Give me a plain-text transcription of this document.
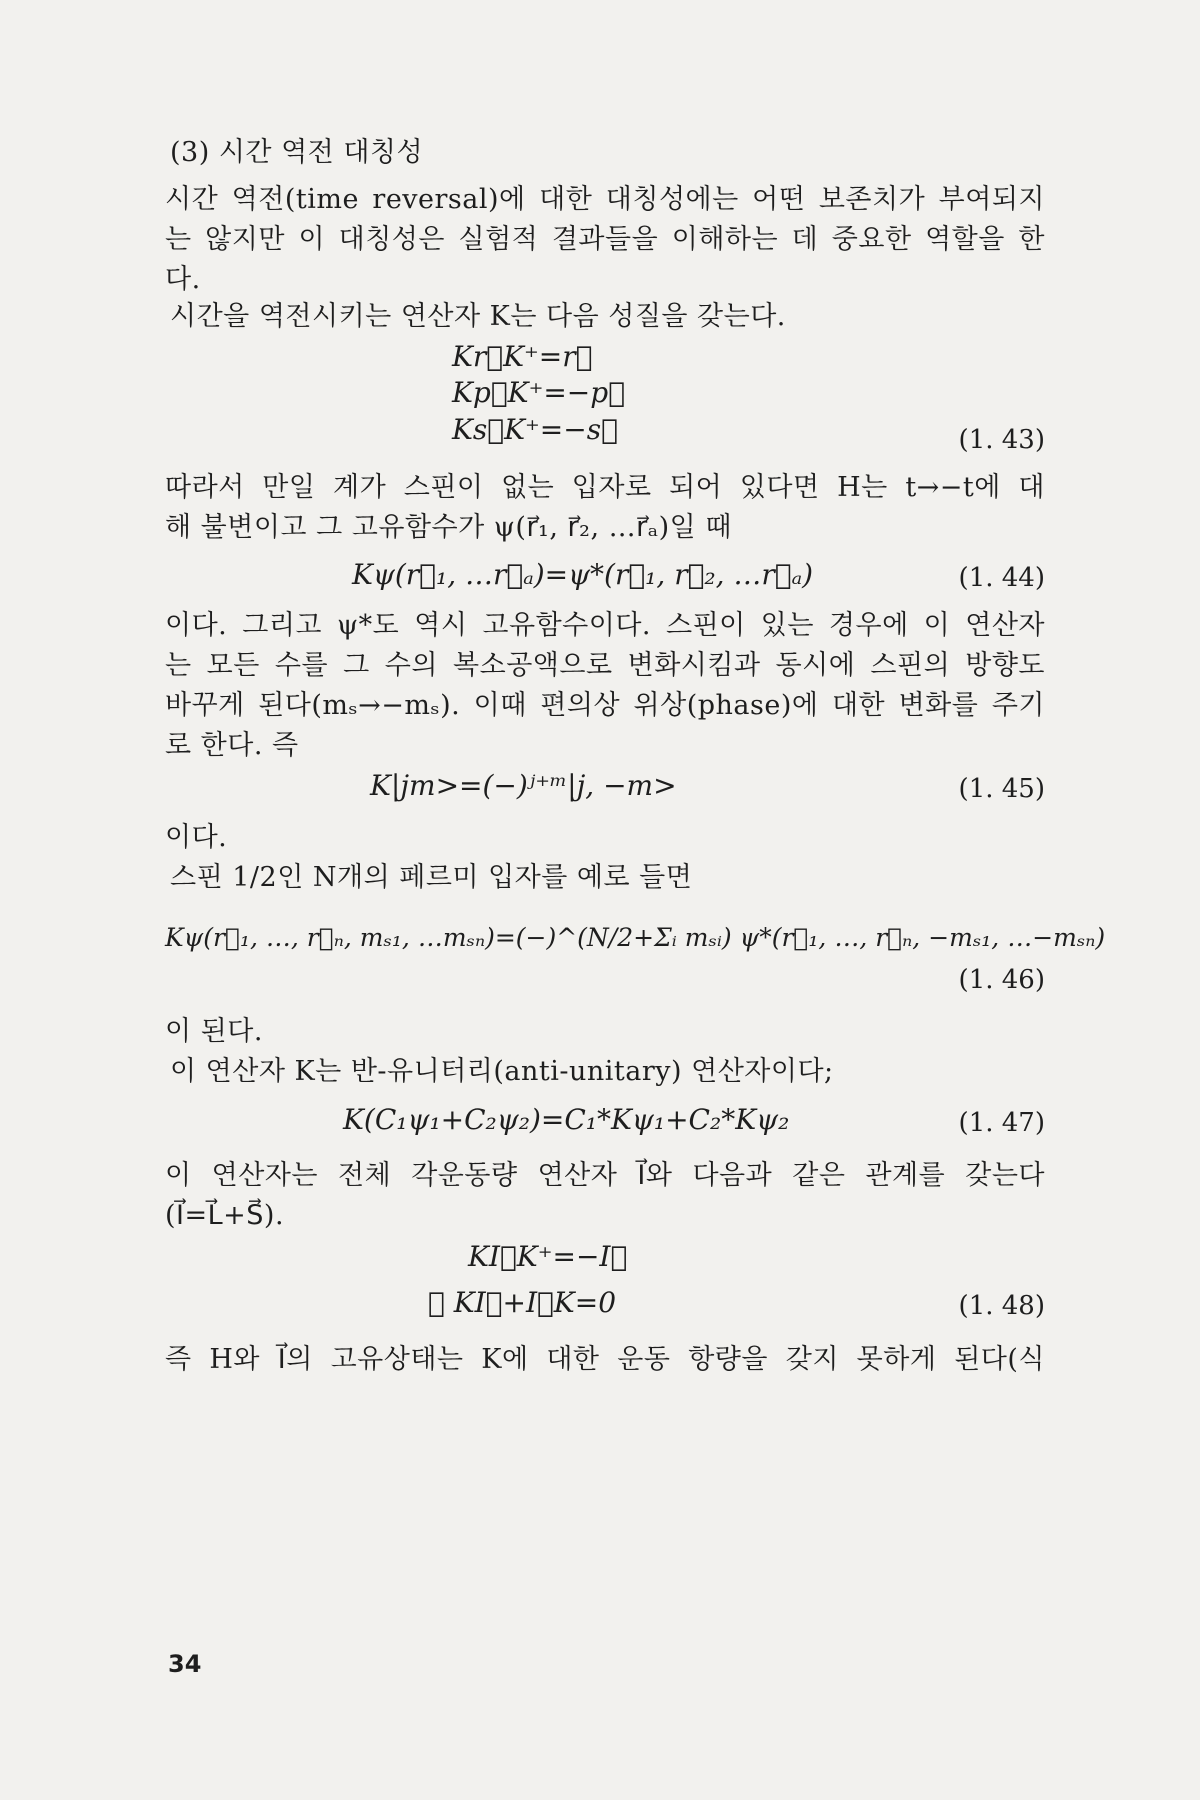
(3) 시간 역전 대칭성
시간 역전(time reversal)에 대한 대칭성에는 어떤 보존치가 부여되지
는 않지만 이 대칭성은 실험적 결과들을 이해하는 데 중요한 역할을 한
다.
시간을 역전시키는 연산자 K는 다음 성질을 갖는다.
Kr⃗K⁺=r⃗
Kp⃗K⁺=−p⃗
Ks⃗K⁺=−s⃗	(1. 43)
따라서 만일 계가 스핀이 없는 입자로 되어 있다면 H는 t→−t에 대
해 불변이고 그 고유함수가 ψ(r⃗₁, r⃗₂, …r⃗ₐ)일 때
Kψ(r⃗₁, …r⃗ₐ)=ψ*(r⃗₁, r⃗₂, …r⃗ₐ)	(1. 44)
이다. 그리고 ψ*도 역시 고유함수이다. 스핀이 있는 경우에 이 연산자
는 모든 수를 그 수의 복소공액으로 변화시킴과 동시에 스핀의 방향도
바꾸게 된다(mₛ→−mₛ). 이때 편의상 위상(phase)에 대한 변화를 주기
로 한다. 즉
K|jm>=(−)ʲ⁺ᵐ|j, −m>	(1. 45)
이다.
스핀 1/2인 N개의 페르미 입자를 예로 들면
Kψ(r⃗₁, …, r⃗ₙ, mₛ₁, …mₛₙ)=(−)^(N/2+Σᵢ mₛᵢ) ψ*(r⃗₁, …, r⃗ₙ, −mₛ₁, …−mₛₙ)
(1. 46)
이 된다.
이 연산자 K는 반-유니터리(anti-unitary) 연산자이다;
K(C₁ψ₁+C₂ψ₂)=C₁*Kψ₁+C₂*Kψ₂	(1. 47)
이 연산자는 전체 각운동량 연산자 I⃗와 다음과 같은 관계를 갖는다
(I⃗=L⃗+S⃗).
KI⃗K⁺=−I⃗
∴ KI⃗+I⃗K=0	(1. 48)
즉 H와 I⃗의 고유상태는 K에 대한 운동 항량을 갖지 못하게 된다(식
34
